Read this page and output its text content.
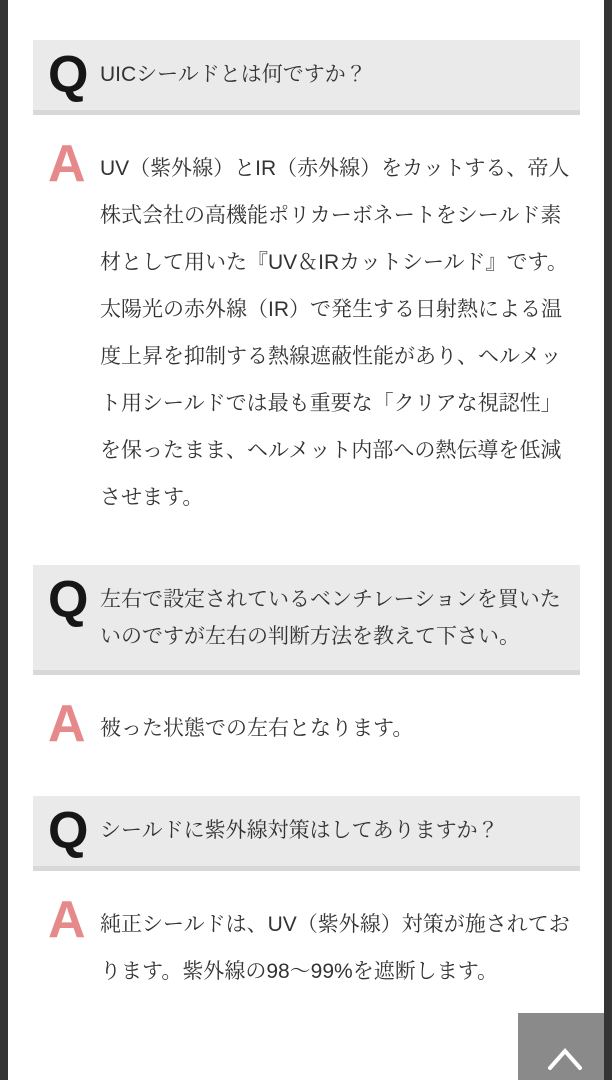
Q UICシールドとは何ですか？

A UV（紫外線）とIR（赤外線）をカットする、帝人株式会社の高機能ポリカーボネートをシールド素材として用いた『UV＆IRカットシールド』です。太陽光の赤外線（IR）で発生する日射熱による温度上昇を抑制する熱線遮蔽性能があり、ヘルメット用シールドでは最も重要な「クリアな視認性」を保ったまま、ヘルメット内部への熱伝導を低減させます。

Q 左右で設定されているベンチレーションを買いたいのですが左右の判断方法を教えて下さい。

A 被った状態での左右となります。

Q シールドに紫外線対策はしてありますか？

A 純正シールドは、UV（紫外線）対策が施されております。紫外線の98～99%を遮断します。
